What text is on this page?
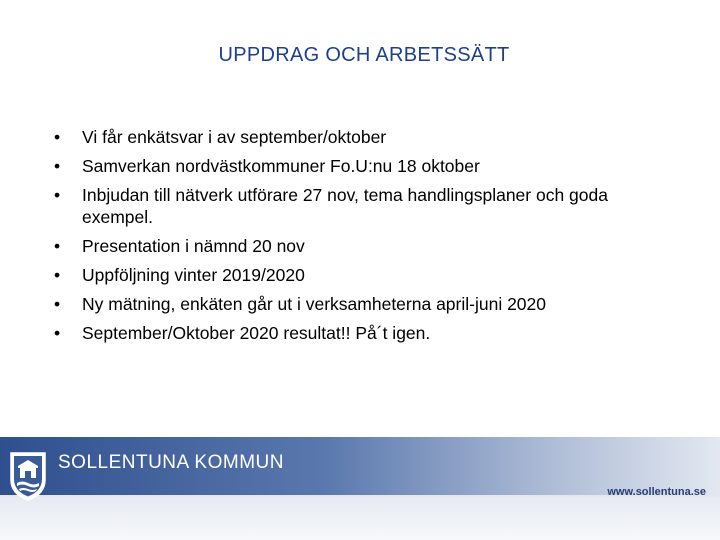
UPPDRAG OCH ARBETSSÄTT
• Vi får enkätsvar i av september/oktober
• Samverkan nordvästkommuner Fo.U:nu 18 oktober
• Inbjudan till nätverk utförare 27 nov, tema handlingsplaner och goda exempel.
• Presentation i nämnd 20 nov
• Uppföljning vinter 2019/2020
• Ny mätning, enkäten går ut i verksamheterna april-juni 2020
• September/Oktober 2020 resultat!! På´t igen.
SOLLENTUNA KOMMUN
www.sollentuna.se
